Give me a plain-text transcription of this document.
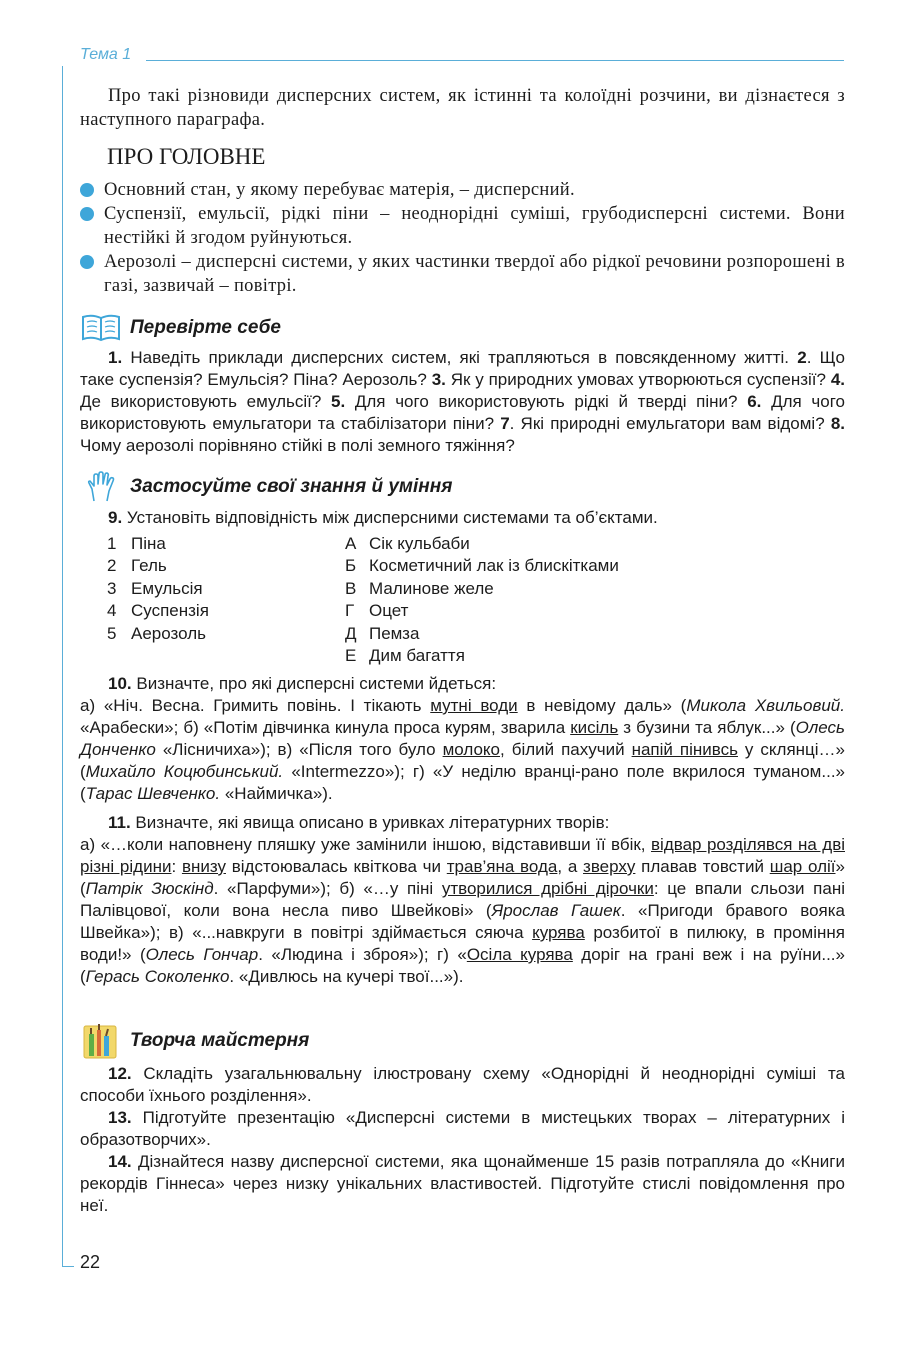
Тема 1
22

Про такі різновиди дисперсних систем, як істинні та колоїдні розчини, ви дізнаєтеся з наступного параграфа.

ПРО ГОЛОВНЕ
Основний стан, у якому перебуває матерія, – дисперсний.
Суспензії, емульсії, рідкі піни – неоднорідні суміші, грубодисперсні системи. Вони нестійкі й згодом руйнуються.
Аерозолі – дисперсні системи, у яких частинки твердої або рідкої речовини розпорошені в газі, зазвичай – повітрі.
Перевірте себе

1. Наведіть приклади дисперсних систем, які трапляються в повсякденному житті. 2. Що таке суспензія? Емульсія? Піна? Аерозоль? 3. Як у природних умовах утворюються суспензії? 4. Де використовують емульсії? 5. Для чого використовують рідкі й тверді піни? 6. Для чого використовують емульгатори та стабілізатори піни? 7. Які природні емульгатори вам відомі? 8. Чому аерозолі порівняно стійкі в полі земного тяжіння?

Застосуйте свої знання й уміння

9. Установіть відповідність між дисперсними системами та об’єктами.

1 Піна	А Сік кульбаби
2 Гель	Б Косметичний лак із блискітками
3 Емульсія	В Малинове желе
4 Суспензія	Г Оцет
5 Аерозоль	Д Пемза
Е Дим багаття

10. Визначте, про які дисперсні системи йдеться:

а) «Ніч. Весна. Гримить повінь. І тікають мутні води в невідому даль» (Микола Хвильовий. «Арабески»; б) «Потім дівчинка кинула проса курям, зварила кисіль з бузини та яблук...» (Олесь Донченко «Лісничиха»); в) «Після того було молоко, білий пахучий напій пінивсь у склянці…» (Михайло Коцюбинський. «Intermezzo»); г) «У неділю вранці-рано поле вкрилося туманом...» (Тарас Шевченко. «Наймичка»).

11. Визначте, які явища описано в уривках літературних творів:

а) «…коли наповнену пляшку уже замінили іншою, відставивши її вбік, відвар розділявся на дві різні рідини: внизу відстоювалась квіткова чи трав’яна вода, а зверху плавав товстий шар олії» (Патрік Зюскінд. «Парфуми»); б) «…у піні утворилися дрібні дірочки: це впали сльози пані Палівцової, коли вона несла пиво Швейкові» (Ярослав Гашек. «Пригоди бравого вояка Швейка»); в) «...навкруги в повітрі здіймається сяюча курява розбитої в пилюку, в проміння води!» (Олесь Гончар. «Людина і зброя»); г) «Осіла курява доріг на грані веж і на руїни...» (Герась Соколенко. «Дивлюсь на кучері твої...»).

Творча майстерня

12. Складіть узагальнювальну ілюстровану схему «Однорідні й неоднорідні суміші та способи їхнього розділення».

13. Підготуйте презентацію «Дисперсні системи в мистецьких творах – літературних і образотворчих».

14. Дізнайтеся назву дисперсної системи, яка щонайменше 15 разів потрапляла до «Книги рекордів Гіннеса» через низку унікальних властивостей. Підготуйте стислі повідомлення про неї.
